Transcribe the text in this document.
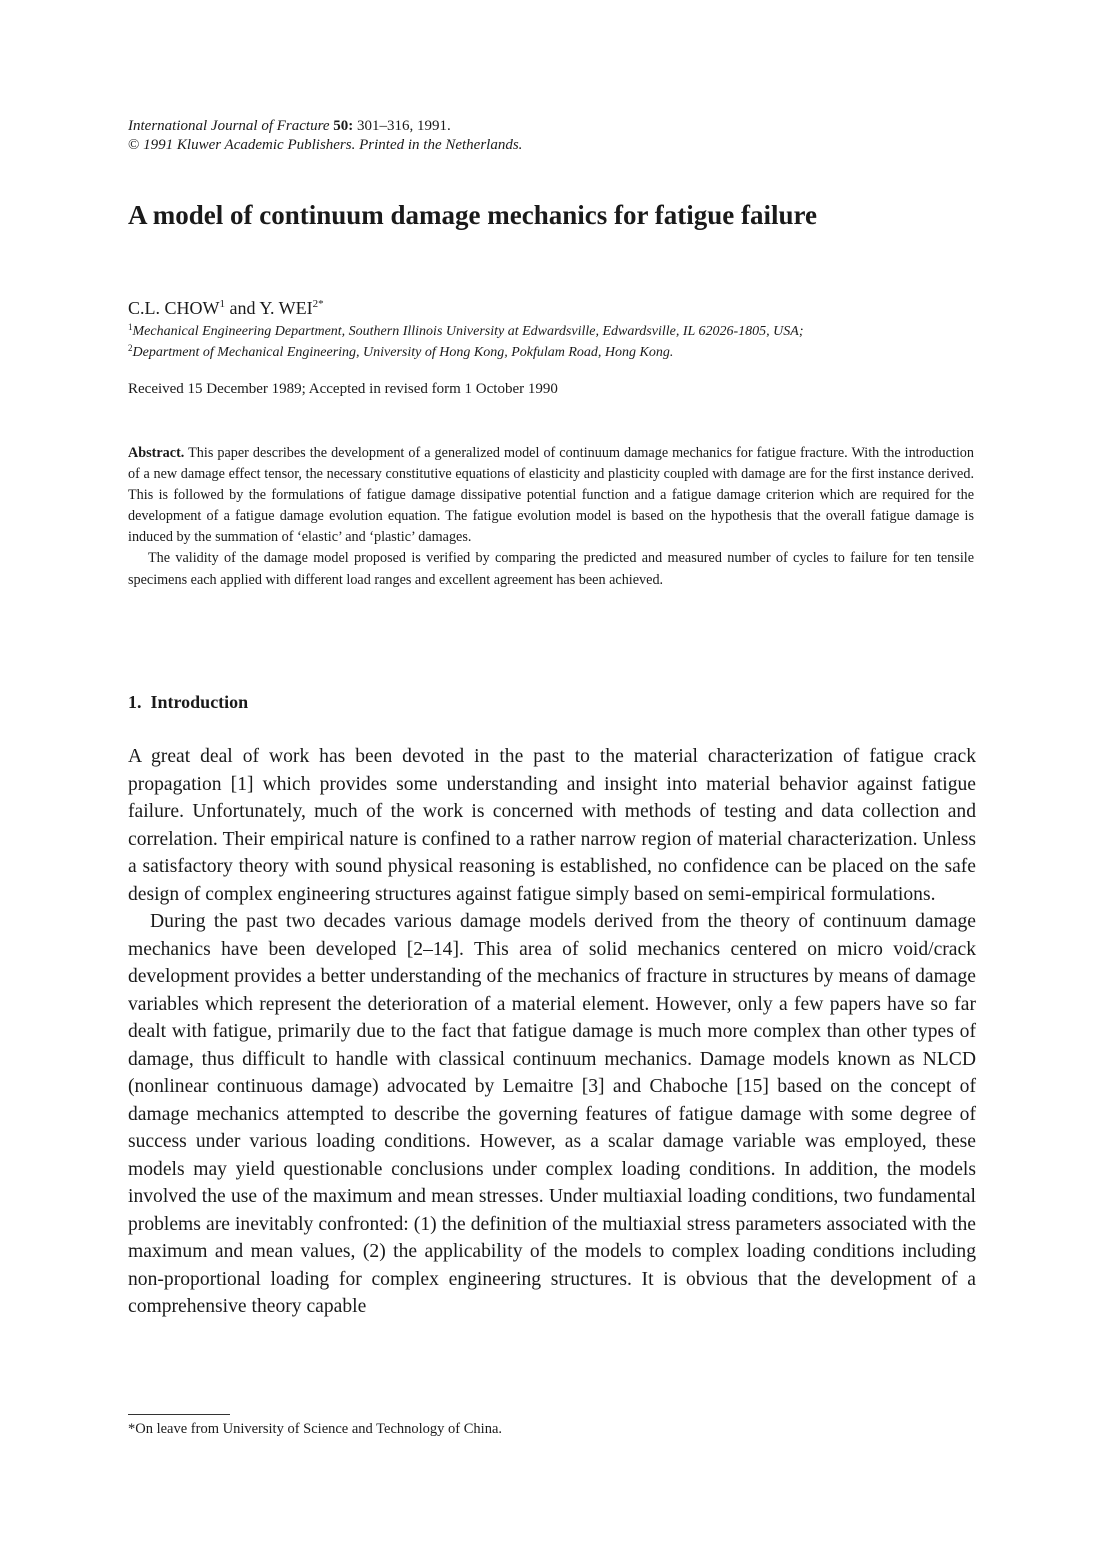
International Journal of Fracture 50: 301–316, 1991.
© 1991 Kluwer Academic Publishers. Printed in the Netherlands.
A model of continuum damage mechanics for fatigue failure
C.L. CHOW$^1$ and Y. $WEI^{2*}$
$^1$Mechanical Engineering Department, Southern Illinois University at Edwardsville, Edwardsville, IL 62026-1805, USA;
$^2$Department of Mechanical Engineering, University of Hong Kong, Pokfulam Road, Hong Kong.
Received 15 December 1989; Accepted in revised form 1 October 1990

Abstract. This paper describes the development of a generalized model of continuum damage mechanics for fatigue fracture. With the introduction of a new damage effect tensor, the necessary constitutive equations of elasticity and plasticity coupled with damage are for the first instance derived. This is followed by the formulations of fatigue damage dissipative potential function and a fatigue damage criterion which are required for the development of a fatigue damage evolution equation. The fatigue evolution model is based on the hypothesis that the overall fatigue damage is induced by the summation of ‘elastic’ and ‘plastic’ damages.

The validity of the damage model proposed is verified by comparing the predicted and measured number of cycles to failure for ten tensile specimens each applied with different load ranges and excellent agreement has been achieved.

1.  Introduction

A great deal of work has been devoted in the past to the material characterization of fatigue crack propagation [1] which provides some understanding and insight into material behavior against fatigue failure. Unfortunately, much of the work is concerned with methods of testing and data collection and correlation. Their empirical nature is confined to a rather narrow region of material characterization. Unless a satisfactory theory with sound physical reasoning is established, no confidence can be placed on the safe design of complex engineering structures against fatigue simply based on semi-empirical formulations.

During the past two decades various damage models derived from the theory of continuum damage mechanics have been developed [2–14]. This area of solid mechanics centered on micro void/crack development provides a better understanding of the mechanics of fracture in structures by means of damage variables which represent the deterioration of a material element. However, only a few papers have so far dealt with fatigue, primarily due to the fact that fatigue damage is much more complex than other types of damage, thus difficult to handle with classical continuum mechanics. Damage models known as NLCD (nonlinear continuous damage) advocated by Lemaitre [3] and Chaboche [15] based on the concept of damage mechanics attempted to describe the governing features of fatigue damage with some degree of success under various loading conditions. However, as a scalar damage variable was employed, these models may yield questionable conclusions under complex loading conditions. In addition, the models involved the use of the maximum and mean stresses. Under multiaxial loading conditions, two fundamental problems are inevitably confronted: (1) the definition of the multiaxial stress parameters associated with the maximum and mean values, (2) the applicability of the models to complex loading conditions including non-proportional loading for complex engineering structures. It is obvious that the development of a comprehensive theory capable

*On leave from University of Science and Technology of China.
